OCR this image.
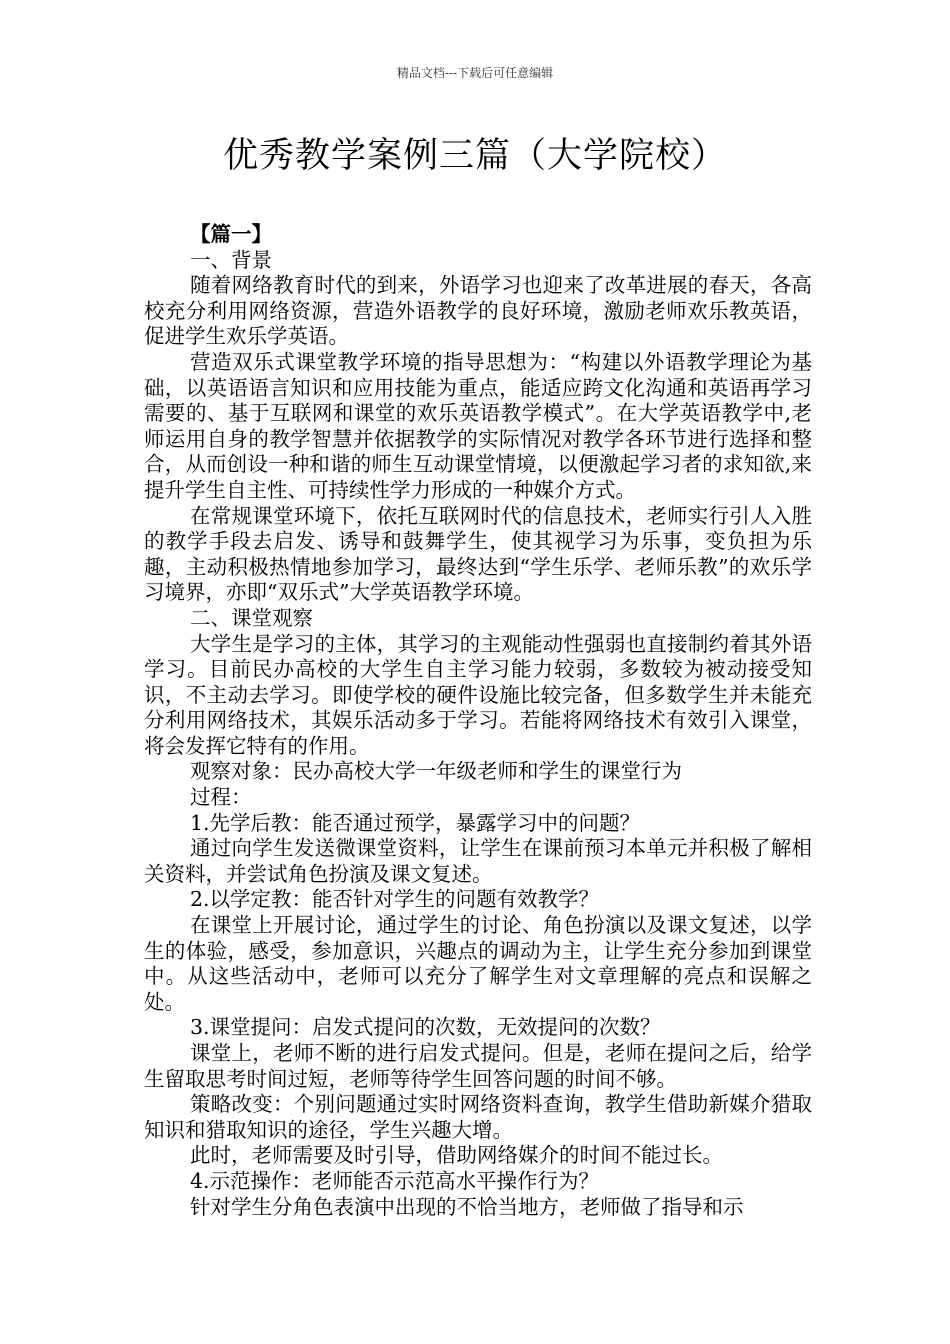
精品文档---下载后可任意编辑
优秀教学案例三篇（大学院校）

【篇一】

一、背景

随着网络教育时代的到来，外语学习也迎来了改革进展的春天，各高校充分利用网络资源，营造外语教学的良好环境，激励老师欢乐教英语，促进学生欢乐学英语。

营造双乐式课堂教学环境的指导思想为：“构建以外语教学理论为基础，以英语语言知识和应用技能为重点，能适应跨文化沟通和英语再学习需要的、基于互联网和课堂的欢乐英语教学模式”。在大学英语教学中,老师运用自身的教学智慧并依据教学的实际情况对教学各环节进行选择和整合，从而创设一种和谐的师生互动课堂情境，以便激起学习者的求知欲,来提升学生自主性、可持续性学力形成的一种媒介方式。

在常规课堂环境下，依托互联网时代的信息技术，老师实行引人入胜的教学手段去启发、诱导和鼓舞学生，使其视学习为乐事，变负担为乐趣，主动积极热情地参加学习，最终达到“学生乐学、老师乐教”的欢乐学习境界，亦即“双乐式”大学英语教学环境。

二、课堂观察

大学生是学习的主体，其学习的主观能动性强弱也直接制约着其外语学习。目前民办高校的大学生自主学习能力较弱，多数较为被动接受知识，不主动去学习。即使学校的硬件设施比较完备，但多数学生并未能充分利用网络技术，其娱乐活动多于学习。若能将网络技术有效引入课堂，将会发挥它特有的作用。

观察对象：民办高校大学一年级老师和学生的课堂行为

过程：

1.先学后教：能否通过预学，暴露学习中的问题？

通过向学生发送微课堂资料，让学生在课前预习本单元并积极了解相关资料，并尝试角色扮演及课文复述。

2.以学定教：能否针对学生的问题有效教学？

在课堂上开展讨论，通过学生的讨论、角色扮演以及课文复述，以学生的体验，感受，参加意识，兴趣点的调动为主，让学生充分参加到课堂中。从这些活动中，老师可以充分了解学生对文章理解的亮点和误解之处。

3.课堂提问：启发式提问的次数，无效提问的次数？

课堂上，老师不断的进行启发式提问。但是，老师在提问之后，给学生留取思考时间过短，老师等待学生回答问题的时间不够。

策略改变：个别问题通过实时网络资料查询，教学生借助新媒介猎取知识和猎取知识的途径，学生兴趣大增。

此时，老师需要及时引导，借助网络媒介的时间不能过长。

4.示范操作：老师能否示范高水平操作行为？

针对学生分角色表演中出现的不恰当地方，老师做了指导和示
